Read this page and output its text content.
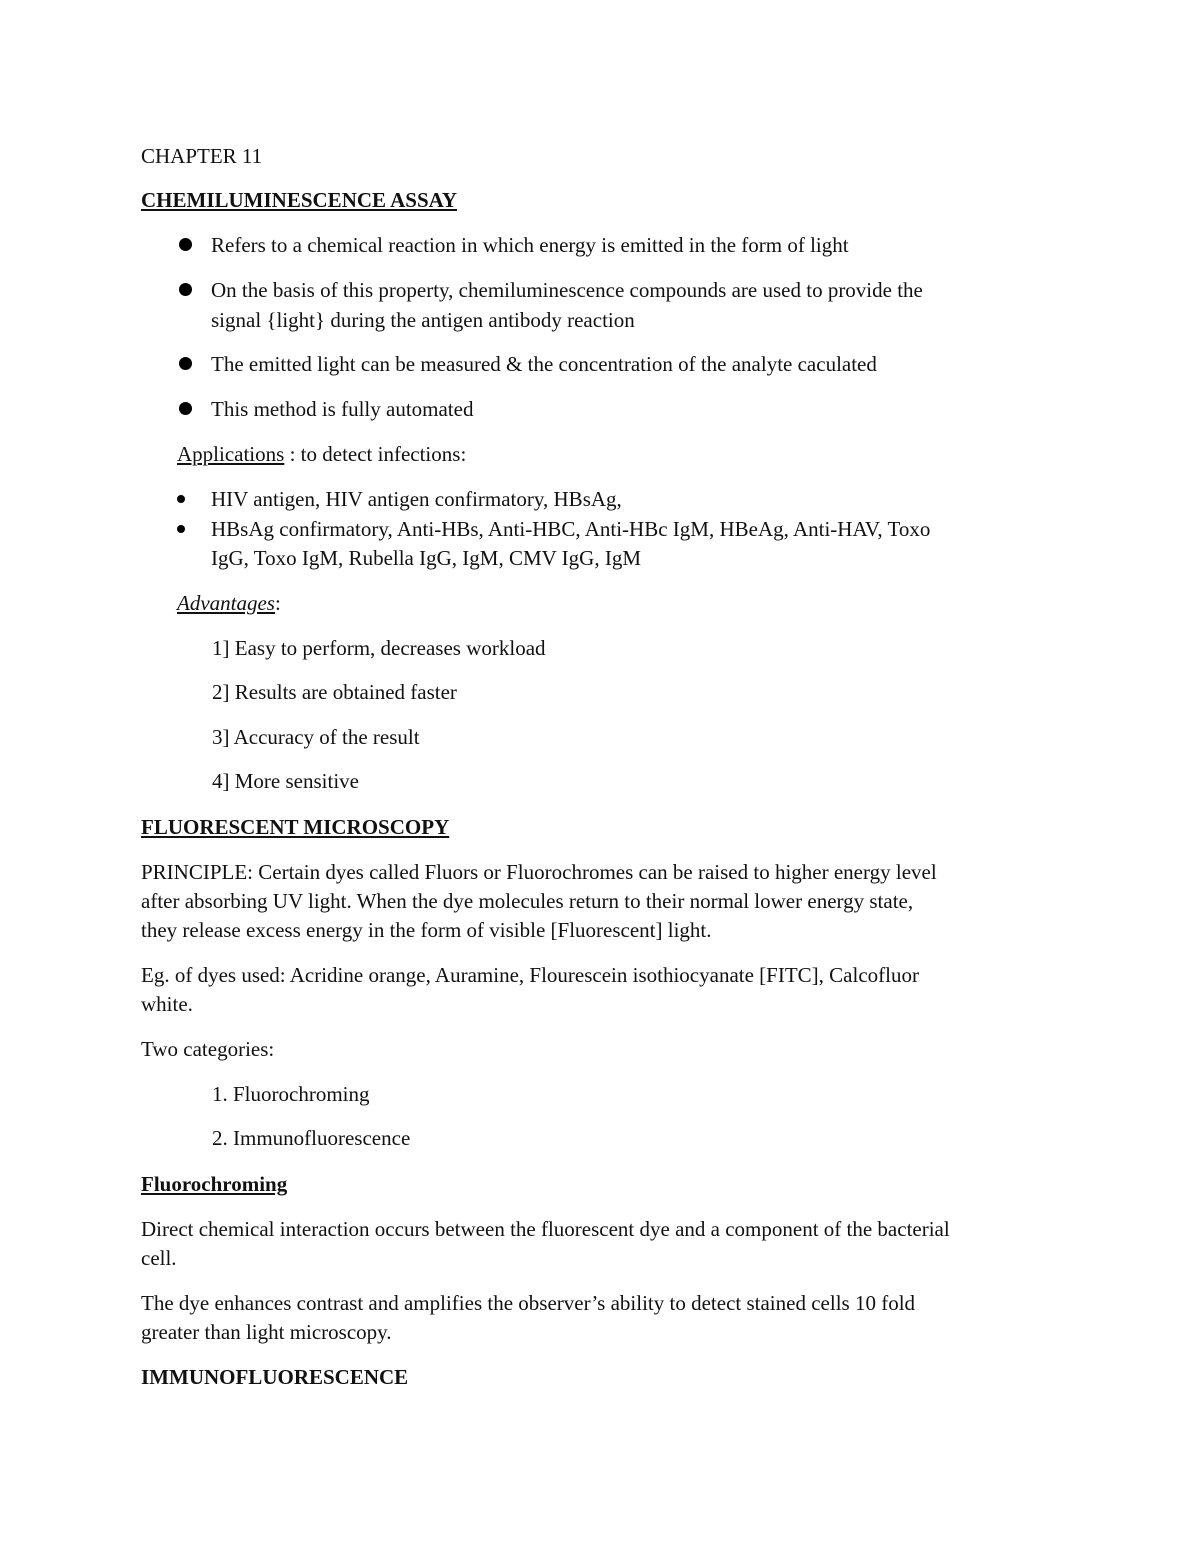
CHAPTER 11
CHEMILUMINESCENCE ASSAY
Refers to a chemical reaction in which energy is emitted in the form of light
On the basis of this property, chemiluminescence compounds are used to provide the
signal {light} during the antigen antibody reaction
The emitted light can be measured & the concentration of the analyte caculated
This method is fully automated
Applications : to detect infections:
HIV antigen, HIV antigen confirmatory, HBsAg,
HBsAg confirmatory, Anti-HBs, Anti-HBC, Anti-HBc IgM, HBeAg, Anti-HAV, Toxo
IgG, Toxo IgM, Rubella IgG, IgM, CMV IgG, IgM
Advantages:
1] Easy to perform, decreases workload
2] Results are obtained faster
3] Accuracy of the result
4] More sensitive
FLUORESCENT MICROSCOPY
PRINCIPLE: Certain dyes called Fluors or Fluorochromes can be raised to higher energy level
after absorbing UV light. When the dye molecules return to their normal lower energy state,
they release excess energy in the form of visible [Fluorescent] light.
Eg. of dyes used: Acridine orange, Auramine, Flourescein isothiocyanate [FITC], Calcofluor
white.
Two categories:
1. Fluorochroming
2. Immunofluorescence
Fluorochroming
Direct chemical interaction occurs between the fluorescent dye and a component of the bacterial
cell.
The dye enhances contrast and amplifies the observer’s ability to detect stained cells 10 fold
greater than light microscopy.
IMMUNOFLUORESCENCE
